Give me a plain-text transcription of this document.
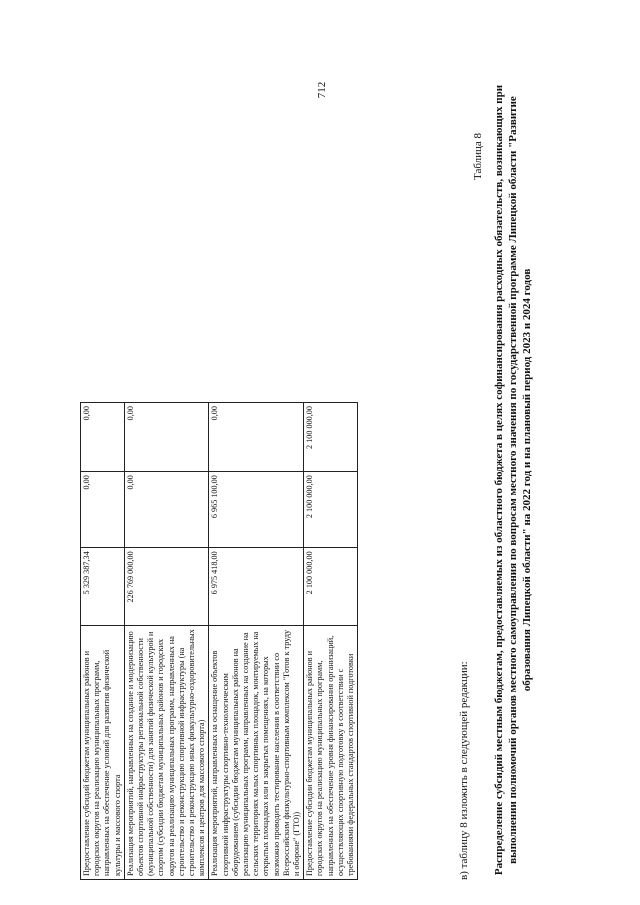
712
Предоставление субсидий бюджетам муниципальных районов и городских округов на реализацию муниципальных программ, направленных на обеспечение условий для развития физической культуры и массового спорта	5 329 387,34	0,00	0,00
Реализация мероприятий, направленных на создание и модернизацию объектов спортивной инфраструктуры региональной собственности (муниципальной собственности) для занятий физической культурой и спортом (субсидии бюджетам муниципальных районов и городских округов на реализацию муниципальных программ, направленных на строительство и реконструкцию спортивной инфраструктуры (на строительство и реконструкцию иных физкультурно-оздоровительных комплексов и центров для массового спорта)	226 769 000,00	0,00	0,00
Реализация мероприятий, направленных на оснащение объектов спортивной инфраструктуры спортивно-технологическим оборудованием (субсидии бюджетам муниципальных районов на реализацию муниципальных программ, направленных на создание на сельских территориях малых спортивных площадок, монтируемых на открытых площадках или в закрытых помещениях, на которых возможно проводить тестирование населения в соответствии со Всероссийским физкультурно-спортивным комплексом "Готов к труду и обороне" (ГТО))	6 975 418,00	6 965 100,00	0,00
Предоставление субсидии бюджетам муниципальных районов и городских округов на реализацию муниципальных программ, направленных на обеспечение уровня финансирования организаций, осуществляющих спортивную подготовку в соответствии с требованиями федеральных стандартов спортивной подготовки	2 100 000,00	2 100 000,00	2 100 000,00
в) таблицу 8 изложить в следующей редакции:
Таблица 8 Распределение субсидий местным бюджетам, предоставляемых из областного бюджета в целях софинансирования расходных обязательств, возникающих при выполнении полномочий органов местного самоуправления по вопросам местного значения по государственной программе Липецкой области "Развитие образования Липецкой области" на 2022 год и на плановый период 2023 и 2024 годов
